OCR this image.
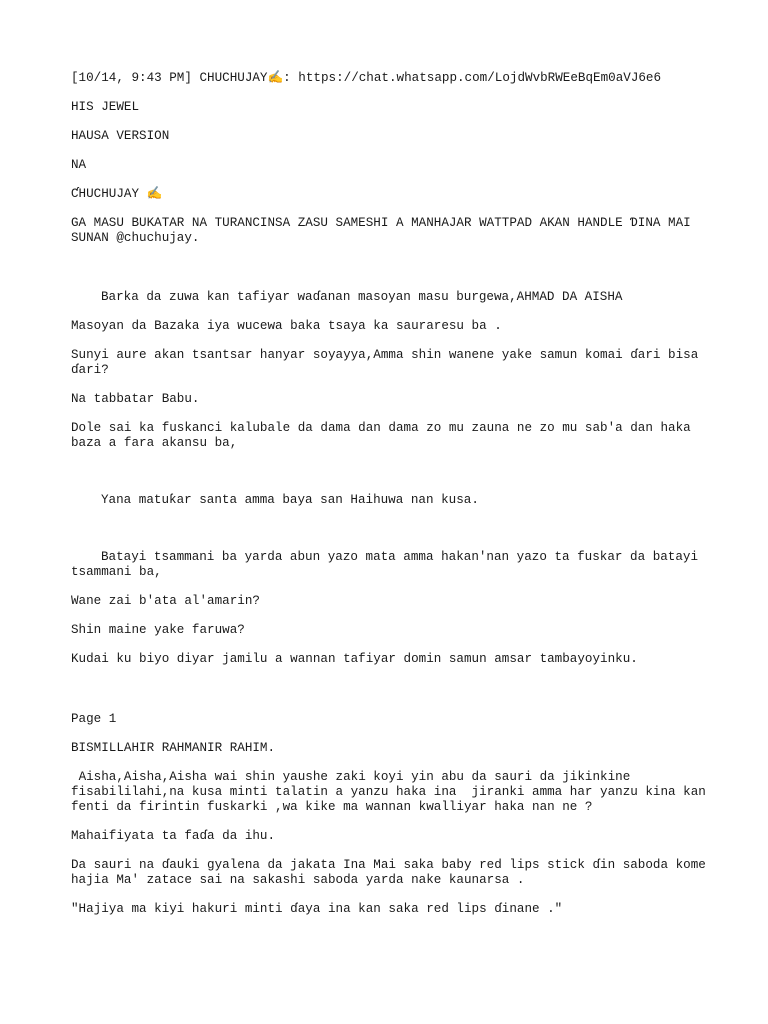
[10/14, 9:43 PM] CHUCHUJAY✍️: https://chat.whatsapp.com/LojdWvbRWEeBqEm0aVJ6e6

HIS JEWEL

HAUSA VERSION

NA

ƇHUCHUJAY ✍️

GA MASU BUKATAR NA TURANCINSA ZASU SAMESHI A MANHAJAR WATTPAD AKAN HANDLE ƊINA MAI SUNAN @chuchujay.

Barka da zuwa kan tafiyar waɗanan masoyan masu burgewa,AHMAD DA AISHA

Masoyan da Bazaka iya wucewa baka tsaya ka sauraresu ba .

Sunyi aure akan tsantsar hanyar soyayya,Amma shin wanene yake samun komai ɗari bisa ɗari?

Na tabbatar Babu.

Dole sai ka fuskanci kalubale da dama dan dama zo mu zauna ne zo mu sab'a dan haka baza a fara akansu ba,

Yana matuƙar santa amma baya san Haihuwa nan kusa.

Batayi tsammani ba yarda abun yazo mata amma hakan'nan yazo ta fuskar da batayi tsammani ba,

Wane zai b'ata al'amarin?

Shin maine yake faruwa?

Kudai ku biyo diyar jamilu a wannan tafiyar domin samun amsar tambayoyinku.

Page 1

BISMILLAHIR RAHMANIR RAHIM.

Aisha,Aisha,Aisha wai shin yaushe zaki koyi yin abu da sauri da jikinkine fisabililahi,na kusa minti talatin a yanzu haka ina  jiranki amma har yanzu kina kan fenti da firintin fuskarki ,wa kike ma wannan kwalliyar haka nan ne ?

Mahaifiyata ta faɗa da ihu.

Da sauri na ɗauki gyalena da jakata Ina Mai saka baby red lips stick ɗin saboda kome hajia Ma' zatace sai na sakashi saboda yarda nake kaunarsa .

"Hajiya ma kiyi hakuri minti ɗaya ina kan saka red lips ɗinane ."
